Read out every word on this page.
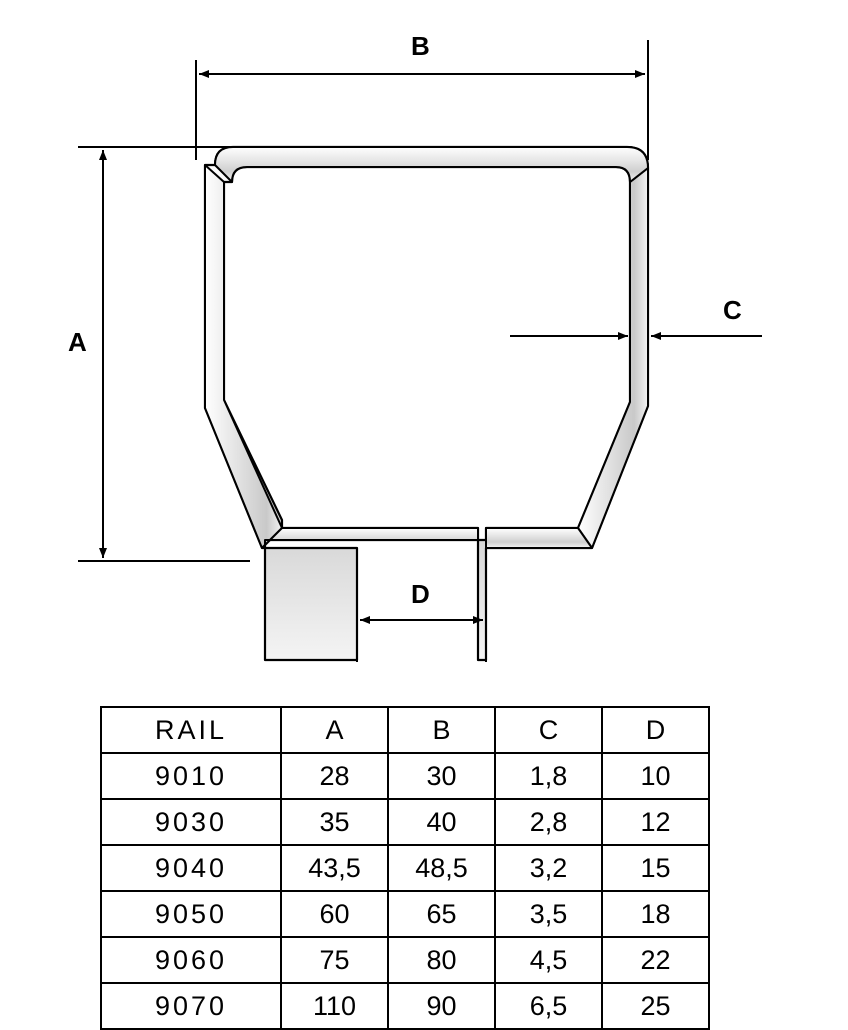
A
B
C
D
RAIL	A	B	C	D
9010	28	30	1,8	10
9030	35	40	2,8	12
9040	43,5	48,5	3,2	15
9050	60	65	3,5	18
9060	75	80	4,5	22
9070	110	90	6,5	25
